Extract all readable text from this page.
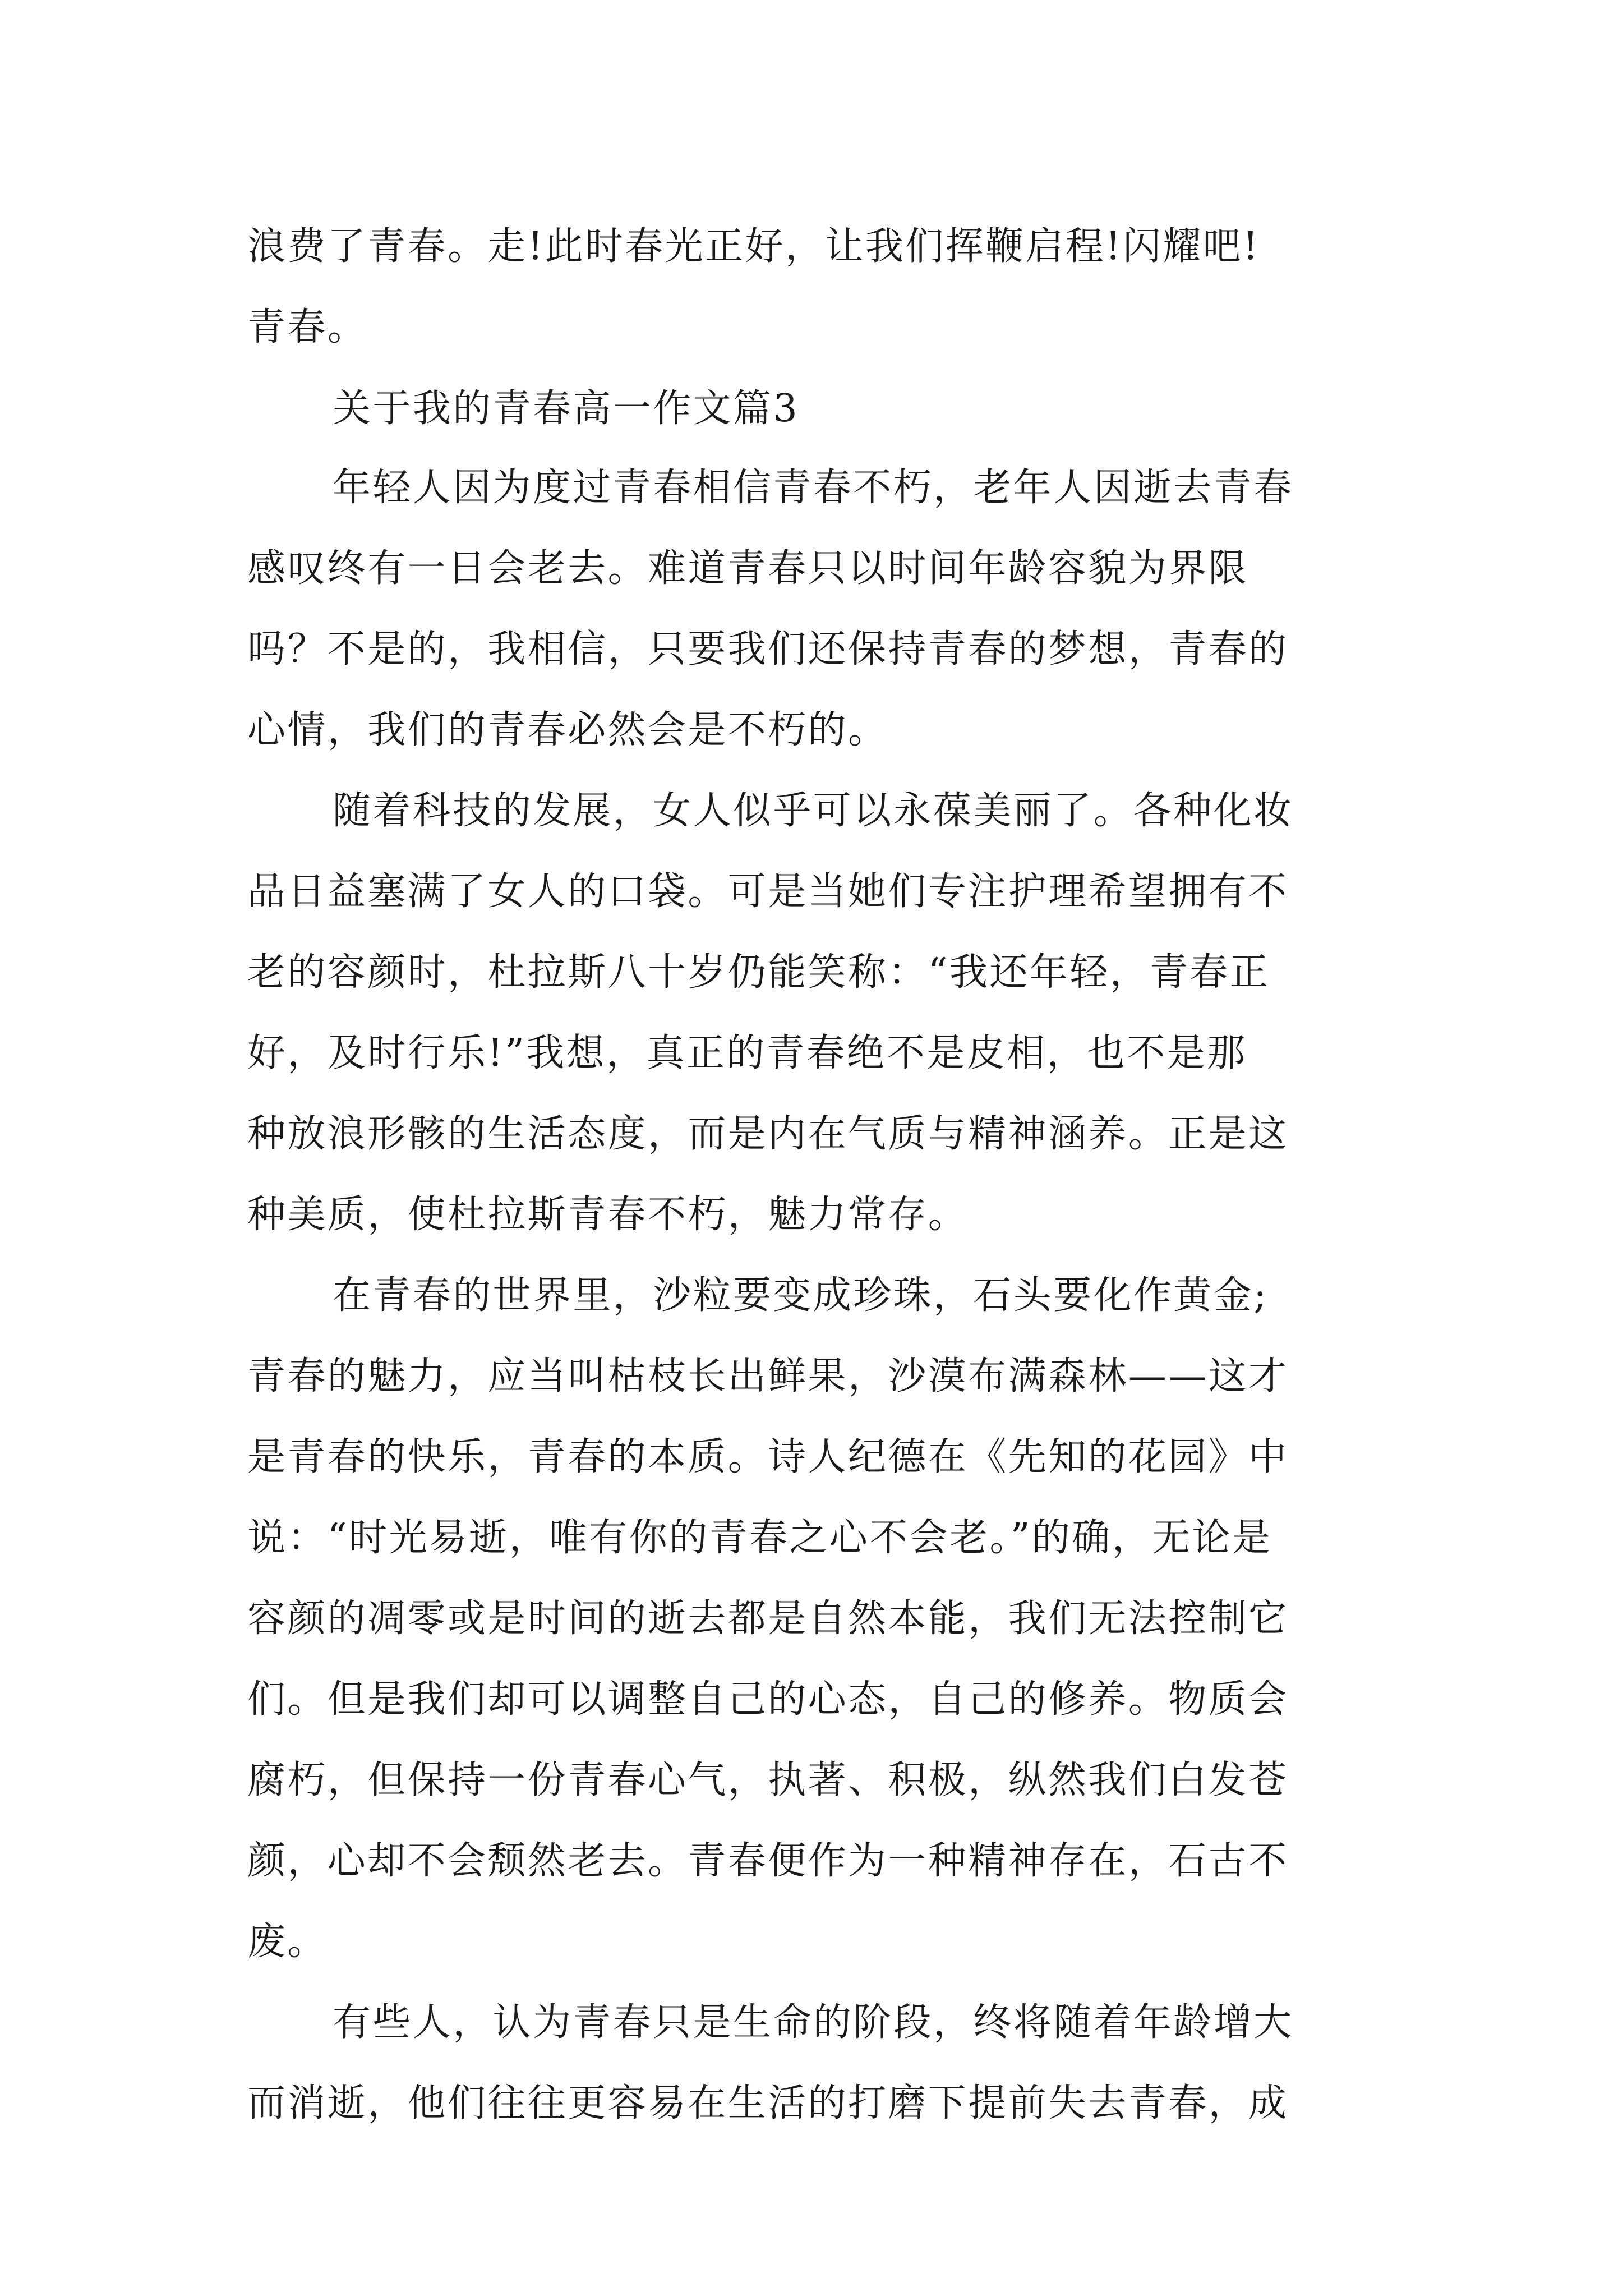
浪费了青春。走!此时春光正好，让我们挥鞭启程!闪耀吧!
青春。
关于我的青春高一作文篇3
年轻人因为度过青春相信青春不朽，老年人因逝去青春
感叹终有一日会老去。难道青春只以时间年龄容貌为界限
吗？不是的，我相信，只要我们还保持青春的梦想，青春的
心情，我们的青春必然会是不朽的。
随着科技的发展，女人似乎可以永葆美丽了。各种化妆
品日益塞满了女人的口袋。可是当她们专注护理希望拥有不
老的容颜时，杜拉斯八十岁仍能笑称：“我还年轻，青春正
好，及时行乐!”我想，真正的青春绝不是皮相，也不是那
种放浪形骸的生活态度，而是内在气质与精神涵养。正是这
种美质，使杜拉斯青春不朽，魅力常存。
在青春的世界里，沙粒要变成珍珠，石头要化作黄金;
青春的魅力，应当叫枯枝长出鲜果，沙漠布满森林——这才
是青春的快乐，青春的本质。诗人纪德在《先知的花园》中
说：“时光易逝，唯有你的青春之心不会老。”的确，无论是
容颜的凋零或是时间的逝去都是自然本能，我们无法控制它
们。但是我们却可以调整自己的心态，自己的修养。物质会
腐朽，但保持一份青春心气，执著、积极，纵然我们白发苍
颜，心却不会颓然老去。青春便作为一种精神存在，石古不
废。
有些人，认为青春只是生命的阶段，终将随着年龄增大
而消逝，他们往往更容易在生活的打磨下提前失去青春，成
